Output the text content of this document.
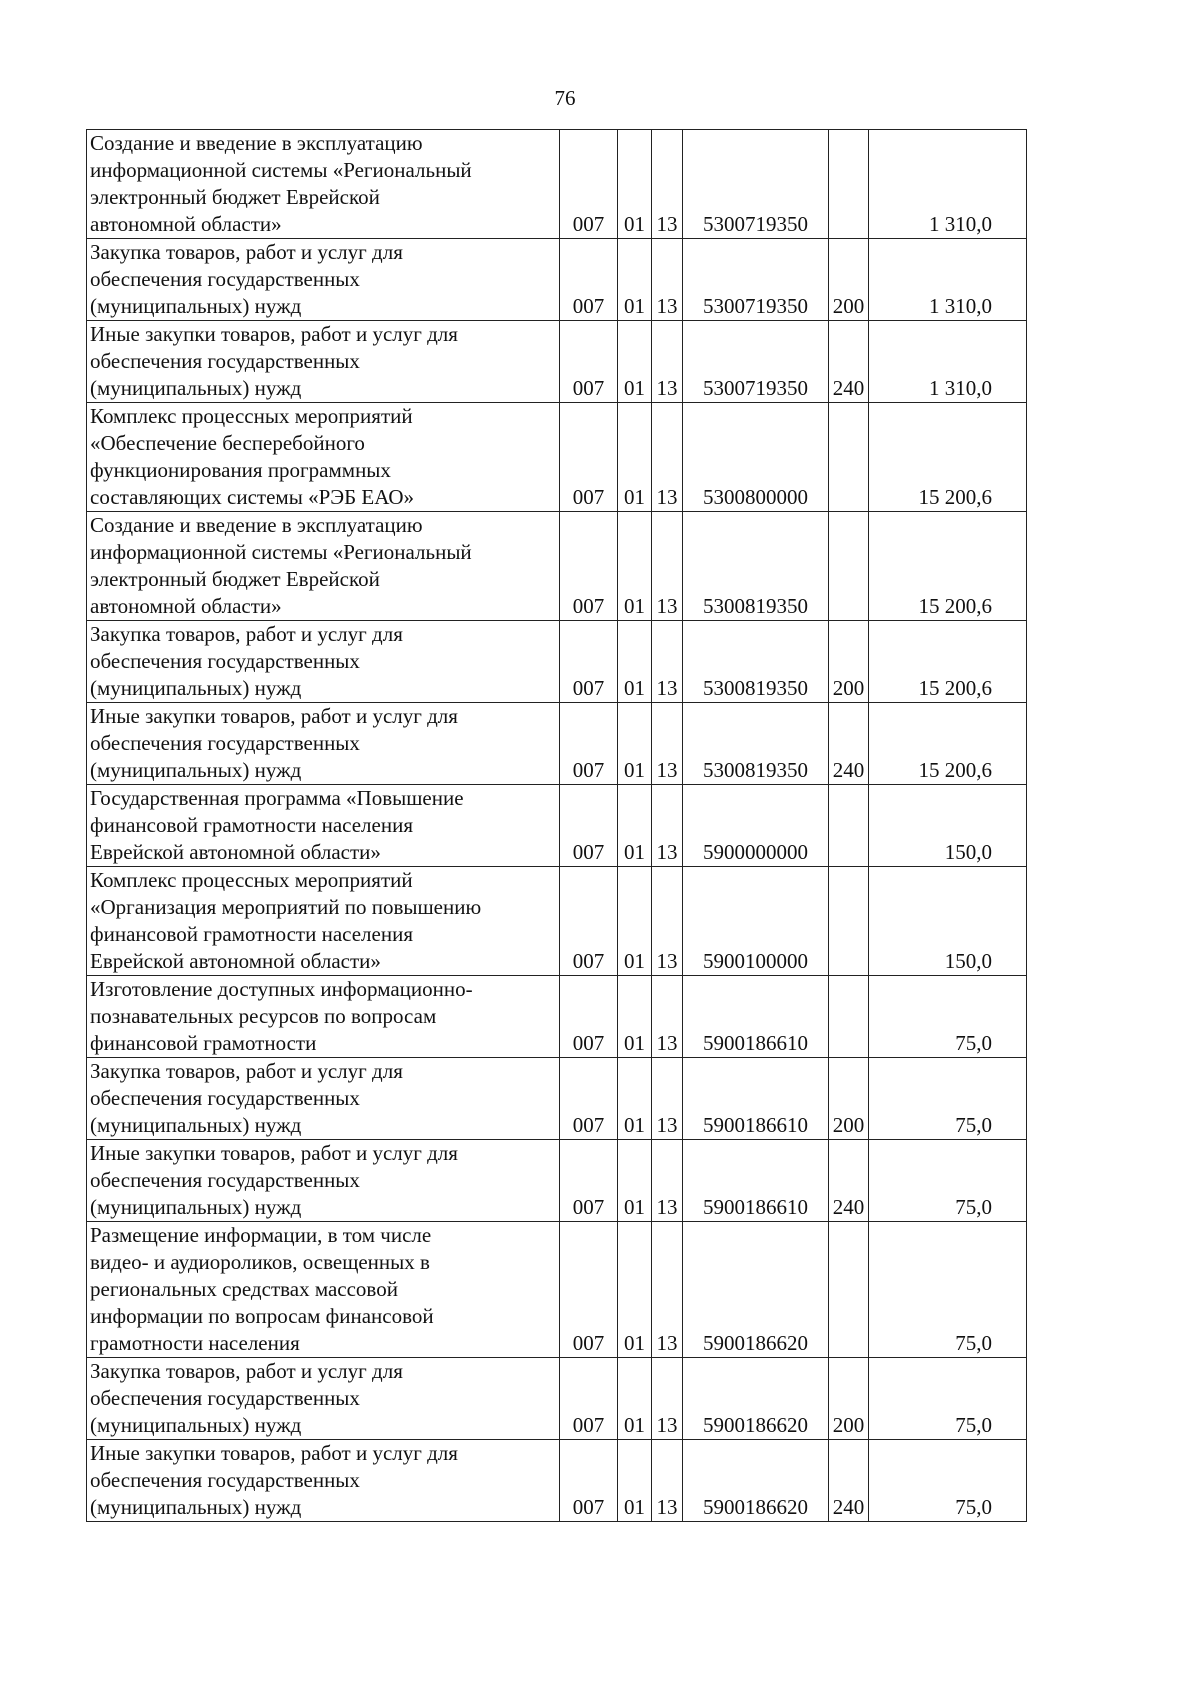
76
Создание и введение в эксплуатацию
информационной системы «Региональный
электронный бюджет Еврейской
автономной области»	007	01	13	5300719350		1 310,0

Закупка товаров, работ и услуг для
обеспечения государственных
(муниципальных) нужд	007	01	13	5300719350	200	1 310,0

Иные закупки товаров, работ и услуг для
обеспечения государственных
(муниципальных) нужд	007	01	13	5300719350	240	1 310,0

Комплекс процессных мероприятий
«Обеспечение бесперебойного
функционирования программных
составляющих системы «РЭБ ЕАО»	007	01	13	5300800000		15 200,6

Создание и введение в эксплуатацию
информационной системы «Региональный
электронный бюджет Еврейской
автономной области»	007	01	13	5300819350		15 200,6

Закупка товаров, работ и услуг для
обеспечения государственных
(муниципальных) нужд	007	01	13	5300819350	200	15 200,6

Иные закупки товаров, работ и услуг для
обеспечения государственных
(муниципальных) нужд	007	01	13	5300819350	240	15 200,6

Государственная программа «Повышение
финансовой грамотности населения
Еврейской автономной области»	007	01	13	5900000000		150,0

Комплекс процессных мероприятий
«Организация мероприятий по повышению
финансовой грамотности населения
Еврейской автономной области»	007	01	13	5900100000		150,0

Изготовление доступных информационно-
познавательных ресурсов по вопросам
финансовой грамотности	007	01	13	5900186610		75,0

Закупка товаров, работ и услуг для
обеспечения государственных
(муниципальных) нужд	007	01	13	5900186610	200	75,0

Иные закупки товаров, работ и услуг для
обеспечения государственных
(муниципальных) нужд	007	01	13	5900186610	240	75,0

Размещение информации, в том числе
видео- и аудиороликов, освещенных в
региональных средствах массовой
информации по вопросам финансовой
грамотности населения	007	01	13	5900186620		75,0

Закупка товаров, работ и услуг для
обеспечения государственных
(муниципальных) нужд	007	01	13	5900186620	200	75,0

Иные закупки товаров, работ и услуг для
обеспечения государственных
(муниципальных) нужд	007	01	13	5900186620	240	75,0
